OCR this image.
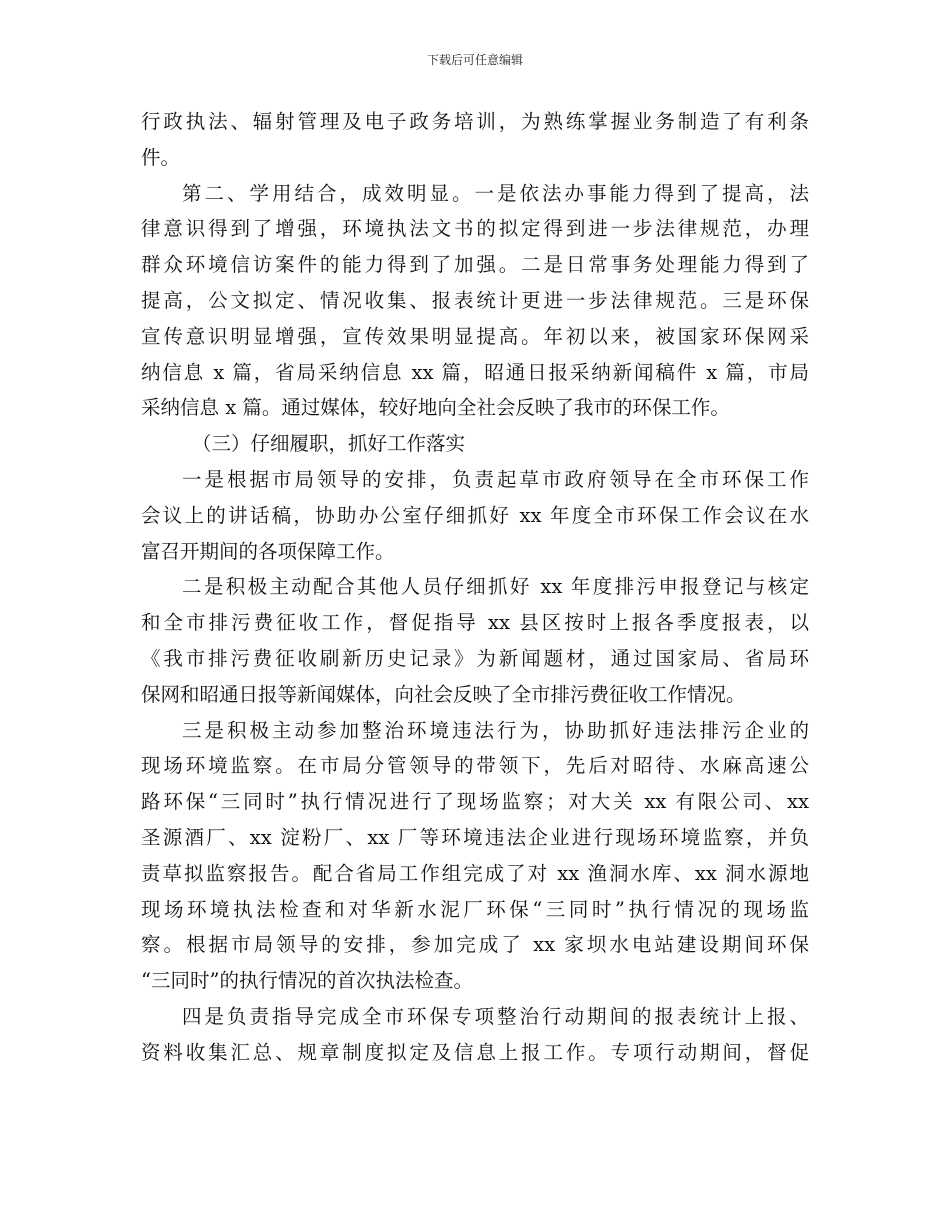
下载后可任意编辑
行政执法、辐射管理及电子政务培训，为熟练掌握业务制造了有利条
件。
第二、学用结合，成效明显。一是依法办事能力得到了提高，法
律意识得到了增强，环境执法文书的拟定得到进一步法律规范，办理
群众环境信访案件的能力得到了加强。二是日常事务处理能力得到了
提高，公文拟定、情况收集、报表统计更进一步法律规范。三是环保
宣传意识明显增强，宣传效果明显提高。年初以来，被国家环保网采
纳信息 x 篇，省局采纳信息 xx 篇，昭通日报采纳新闻稿件 x 篇，市局
采纳信息 x 篇。通过媒体，较好地向全社会反映了我市的环保工作。
（三）仔细履职，抓好工作落实
一是根据市局领导的安排，负责起草市政府领导在全市环保工作
会议上的讲话稿，协助办公室仔细抓好 xx 年度全市环保工作会议在水
富召开期间的各项保障工作。
二是积极主动配合其他人员仔细抓好 xx 年度排污申报登记与核定
和全市排污费征收工作，督促指导 xx 县区按时上报各季度报表，以
《我市排污费征收刷新历史记录》为新闻题材，通过国家局、省局环
保网和昭通日报等新闻媒体，向社会反映了全市排污费征收工作情况。
三是积极主动参加整治环境违法行为，协助抓好违法排污企业的
现场环境监察。在市局分管领导的带领下，先后对昭待、水麻高速公
路环保“三同时”执行情况进行了现场监察；对大关 xx 有限公司、xx
圣源酒厂、xx 淀粉厂、xx 厂等环境违法企业进行现场环境监察，并负
责草拟监察报告。配合省局工作组完成了对 xx 渔洞水库、xx 洞水源地
现场环境执法检查和对华新水泥厂环保“三同时”执行情况的现场监
察。根据市局领导的安排，参加完成了 xx 家坝水电站建设期间环保
“三同时”的执行情况的首次执法检查。
四是负责指导完成全市环保专项整治行动期间的报表统计上报、
资料收集汇总、规章制度拟定及信息上报工作。专项行动期间，督促
